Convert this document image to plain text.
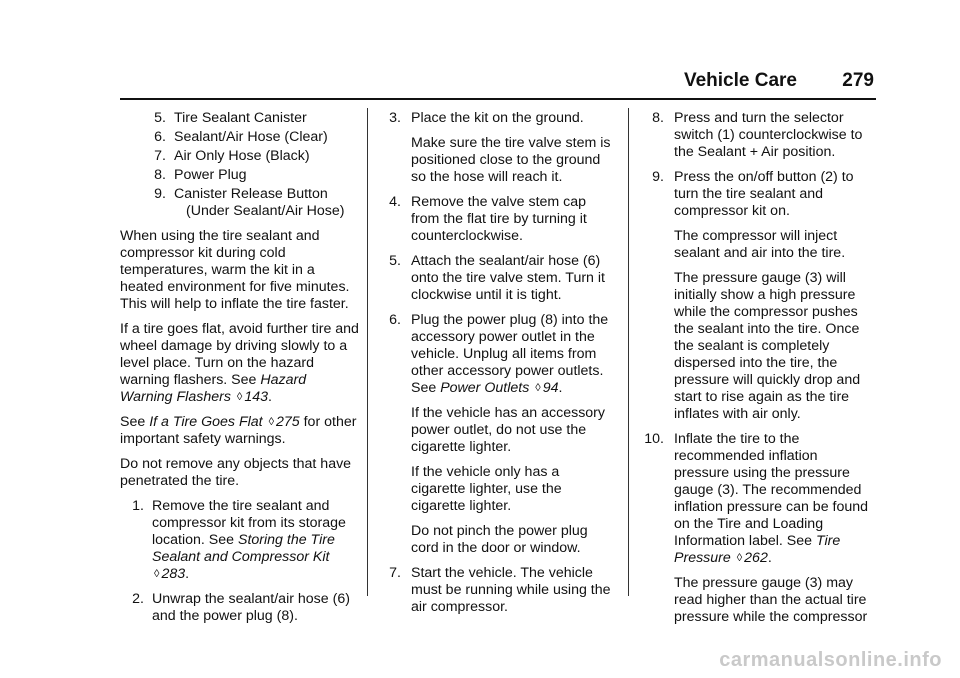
Vehicle Care 279
5. Tire Sealant Canister
6. Sealant/Air Hose (Clear)
7. Air Only Hose (Black)
8. Power Plug
9. Canister Release Button
(Under Sealant/Air Hose)

When using the tire sealant and compressor kit during cold temperatures, warm the kit in a heated environment for five minutes. This will help to inflate the tire faster.

If a tire goes flat, avoid further tire and wheel damage by driving slowly to a level place. Turn on the hazard warning flashers. See Hazard Warning Flashers ◊ 143.

See If a Tire Goes Flat ◊ 275 for other important safety warnings.

Do not remove any objects that have penetrated the tire.

1. Remove the tire sealant and compressor kit from its storage location. See Storing the Tire Sealant and Compressor Kit ◊ 283.
2. Unwrap the sealant/air hose (6) and the power plug (8).
3. Place the kit on the ground.
Make sure the tire valve stem is positioned close to the ground so the hose will reach it.
4. Remove the valve stem cap from the flat tire by turning it counterclockwise.
5. Attach the sealant/air hose (6) onto the tire valve stem. Turn it clockwise until it is tight.
6. Plug the power plug (8) into the accessory power outlet in the vehicle. Unplug all items from other accessory power outlets. See Power Outlets ◊ 94.
If the vehicle has an accessory power outlet, do not use the cigarette lighter.
If the vehicle only has a cigarette lighter, use the cigarette lighter.
Do not pinch the power plug cord in the door or window.
7. Start the vehicle. The vehicle must be running while using the air compressor.
8. Press and turn the selector switch (1) counterclockwise to the Sealant + Air position.
9. Press the on/off button (2) to turn the tire sealant and compressor kit on.
The compressor will inject sealant and air into the tire.
The pressure gauge (3) will initially show a high pressure while the compressor pushes the sealant into the tire. Once the sealant is completely dispersed into the tire, the pressure will quickly drop and start to rise again as the tire inflates with air only.
10. Inflate the tire to the recommended inflation pressure using the pressure gauge (3). The recommended inflation pressure can be found on the Tire and Loading Information label. See Tire Pressure ◊ 262.
The pressure gauge (3) may read higher than the actual tire pressure while the compressor
carmanualsonline.info
